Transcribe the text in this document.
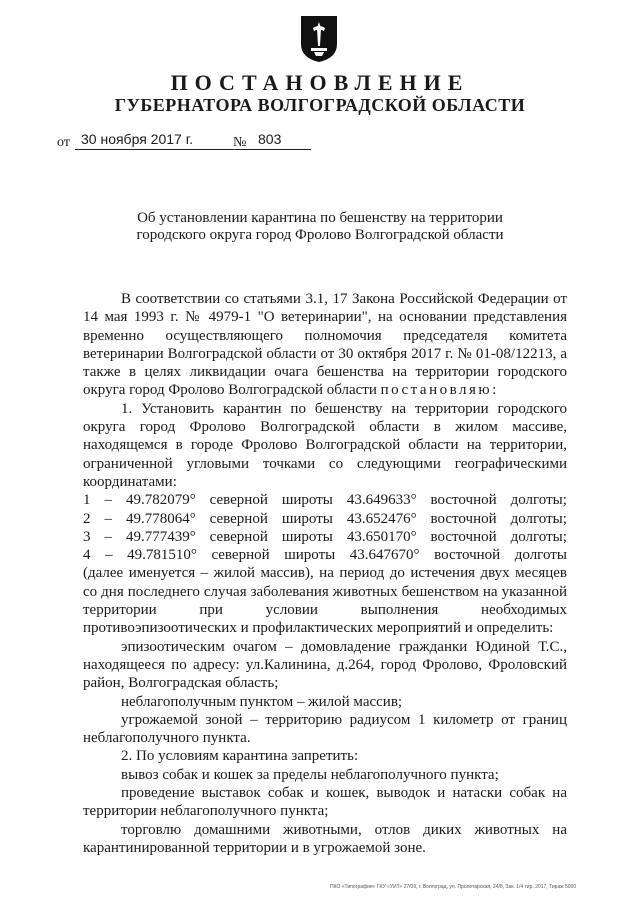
ПОСТАНОВЛЕНИЕ
ГУБЕРНАТОРА ВОЛГОГРАДСКОЙ ОБЛАСТИ
от 30 ноября 2017 г.	№ 803
Об установлении карантина по бешенству на территории
городского округа город Фролово Волгоградской области

В соответствии со статьями 3.1, 17 Закона Российской Федерации от 14 мая 1993 г. № 4979-1 "О ветеринарии", на основании представления временно осуществляющего полномочия председателя комитета ветеринарии Волгоградской области от 30 октября 2017 г. № 01-08/12213, а также в целях ликвидации очага бешенства на территории городского округа город Фролово Волгоградской области постановляю:

1. Установить карантин по бешенству на территории городского округа город Фролово Волгоградской области в жилом массиве, находящемся в городе Фролово Волгоградской области на территории, ограниченной угловыми точками со следующими географическими координатами:

1 – 49.782079° северной широты 43.649633° восточной долготы;
2 – 49.778064° северной широты 43.652476° восточной долготы;
3 – 49.777439° северной широты 43.650170° восточной долготы;
4 – 49.781510° северной широты 43.647670° восточной долготы

(далее именуется – жилой массив), на период до истечения двух месяцев со дня последнего случая заболевания животных бешенством на указанной территории при условии выполнения необходимых противоэпизоотических и профилактических мероприятий и определить:

эпизоотическим очагом – домовладение гражданки Юдиной Т.С., находящееся по адресу: ул.Калинина, д.264, город Фролово, Фроловский район, Волгоградская область;

неблагополучным пунктом – жилой массив;

угрожаемой зоной – территорию радиусом 1 километр от границ неблагополучного пункта.

2. По условиям карантина запретить:

вывоз собак и кошек за пределы неблагополучного пункта;

проведение выставок собак и кошек, выводок и натаски собак на территории неблагополучного пункта;

торговлю домашними животными, отлов диких животных на карантинированной территории и в угрожаемой зоне.

ПКО «Типография» ГКУ «УИТ» 27/09, г. Волгоград, ул. Пролетарская, 24/8, Зак. 1/4 тир. 2017, Тираж 5000
